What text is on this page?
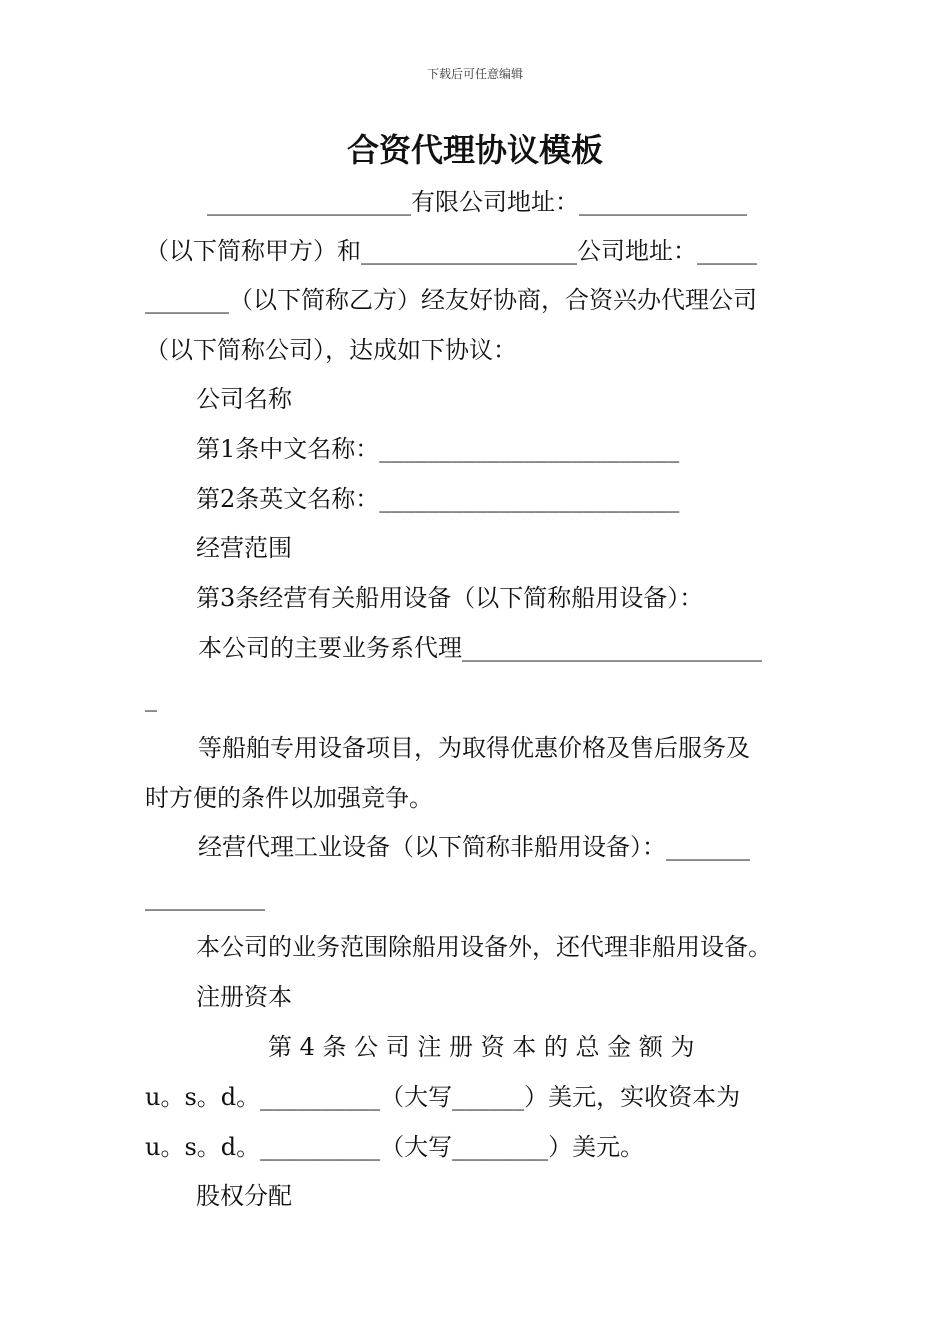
下载后可任意编辑
合资代理协议模板
_________________有限公司地址：______________
（以下简称甲方）和__________________公司地址：_____
_______（以下简称乙方）经友好协商，合资兴办代理公司
（以下简称公司），达成如下协议：
公司名称
第1条中文名称：_________________________
第2条英文名称：_________________________
经营范围
第3条经营有关船用设备（以下简称船用设备）：
本公司的主要业务系代理_________________________
_
等船舶专用设备项目，为取得优惠价格及售后服务及
时方便的条件以加强竞争。
经营代理工业设备（以下简称非船用设备）：_______
__________
本公司的业务范围除船用设备外，还代理非船用设备。
注册资本
第 4 条 公 司 注 册 资 本 的 总 金 额 为
u。s。d。__________（大写______）美元，实收资本为
u。s。d。__________（大写________）美元。
股权分配
